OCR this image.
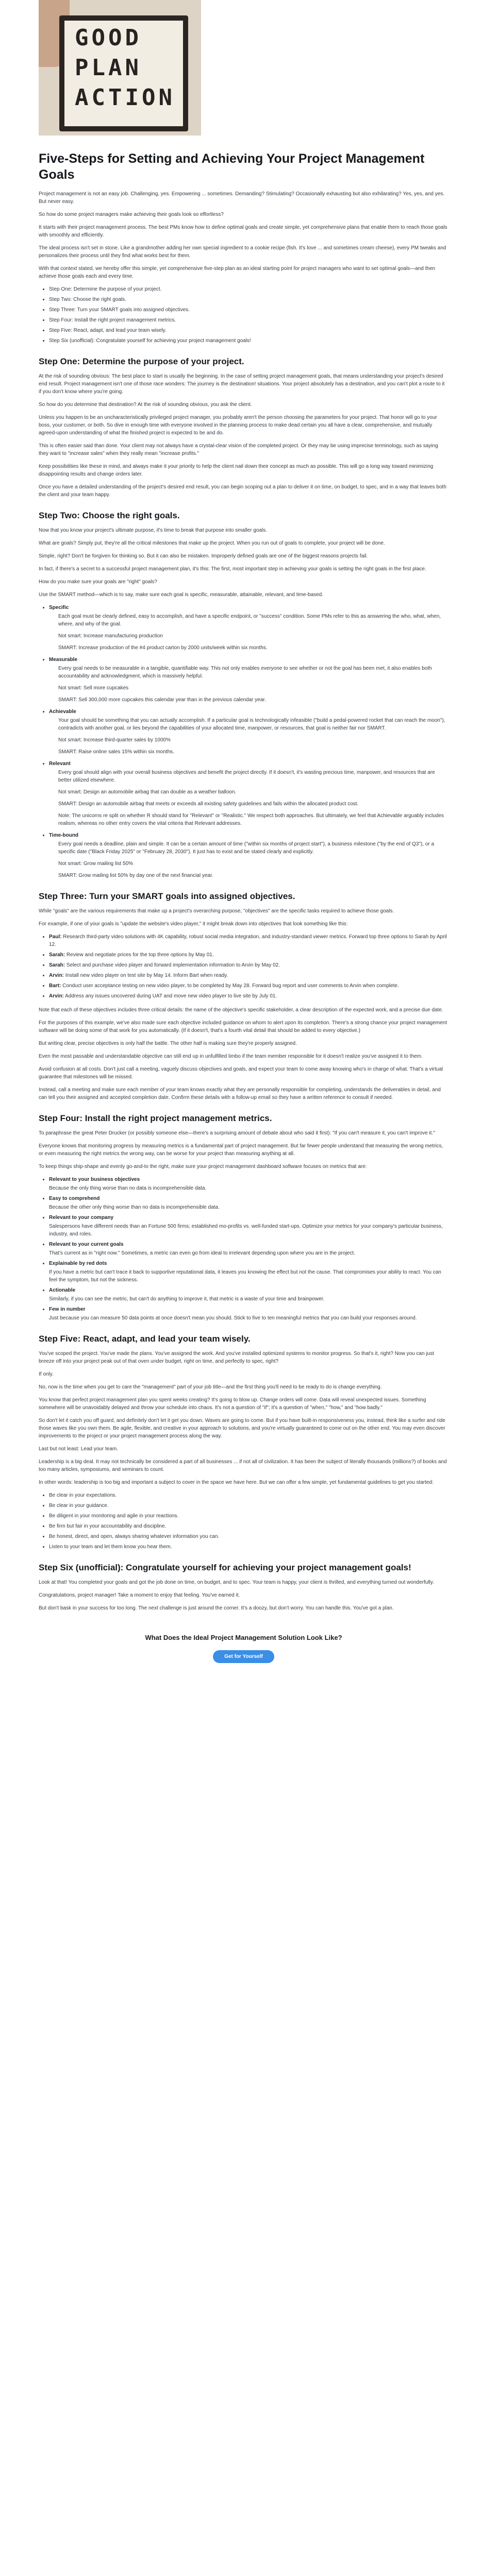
GOOD
PLAN
ACTION
Five-Steps for Setting and Achieving Your Project Management Goals

Project management is not an easy job. Challenging, yes. Empowering ... sometimes. Demanding? Stimulating? Occasionally exhausting but also exhilarating? Yes, yes, and yes. But never easy.

So how do some project managers make achieving their goals look so effortless?

It starts with their project management process. The best PMs know how to define optimal goals and create simple, yet comprehensive plans that enable them to reach those goals with smoothly and efficiently.

The ideal process isn't set in stone. Like a grandmother adding her own special ingredient to a cookie recipe (fish. It's love ... and sometimes cream cheese), every PM tweaks and personalizes their process until they find what works best for them.

With that context stated, we hereby offer this simple, yet comprehensive five-step plan as an ideal starting point for project managers who want to set optimal goals—and then achieve those goals each and every time.

• Step One: Determine the purpose of your project.
• Step Two: Choose the right goals.
• Step Three: Turn your SMART goals into assigned objectives.
• Step Four: Install the right project management metrics.
• Step Five: React, adapt, and lead your team wisely.
• Step Six (unofficial): Congratulate yourself for achieving your project management goals!
Step One: Determine the purpose of your project.

At the risk of sounding obvious: The best place to start is usually the beginning. In the case of setting project management goals, that means understanding your project's desired end result. Project management isn't one of those race wonders: The journey is the destination! situations. Your project absolutely has a destination, and you can't plot a route to it if you don't know where you're going.

So how do you determine that destination? At the risk of sounding obvious, you ask the client.

Unless you happen to be an uncharacteristically privileged project manager, you probably aren't the person choosing the parameters for your project. That honor will go to your boss, your customer, or both. So dive in enough time with everyone involved in the planning process to make dead certain you all have a clear, comprehensive, and mutually agreed-upon understanding of what the finished project is expected to be and do.

This is often easier said than done. Your client may not always have a crystal-clear vision of the completed project. Or they may be using imprecise terminology, such as saying they want to "increase sales" when they really mean "increase profits."

Keep possibilities like these in mind, and always make it your priority to help the client nail down their concept as much as possible. This will go a long way toward minimizing disappointing results and change orders later.

Once you have a detailed understanding of the project's desired end result, you can begin scoping out a plan to deliver it on time, on budget, to spec, and in a way that leaves both the client and your team happy.

Step Two: Choose the right goals.

Now that you know your project's ultimate purpose, it's time to break that purpose into smaller goals.

What are goals? Simply put, they're all the critical milestones that make up the project. When you run out of goals to complete, your project will be done.

Simple, right? Don't be forgiven for thinking so. But it can also be mistaken. Improperly defined goals are one of the biggest reasons projects fail.

In fact, if there's a secret to a successful project management plan, it's this: The first, most important step in achieving your goals is setting the right goals in the first place.

How do you make sure your goals are "right" goals?

Use the SMART method—which is to say, make sure each goal is specific, measurable, attainable, relevant, and time-based.

• Specific

Each goal must be clearly defined, easy to accomplish, and have a specific endpoint, or "success" condition. Some PMs refer to this as answering the who, what, when, where, and why of the goal.

Not smart: Increase manufacturing production

SMART: Increase production of the #4 product carton by 2000 units/week within six months.

• Measurable

Every goal needs to be measurable in a tangible, quantifiable way. This not only enables everyone to see whether or not the goal has been met, it also enables both accountability and acknowledgment, which is massively helpful.

Not smart: Sell more cupcakes

SMART: Sell 300,000 more cupcakes this calendar year than in the previous calendar year.

• Achievable

Your goal should be something that you can actually accomplish. If a particular goal is technologically infeasible ("build a pedal-powered rocket that can reach the moon"), contradicts with another goal, or lies beyond the capabilities of your allocated time, manpower, or resources, that goal is neither fair nor SMART.

Not smart: Increase third-quarter sales by 1000%

SMART: Raise online sales 15% within six months.

• Relevant

Every goal should align with your overall business objectives and benefit the project directly. If it doesn't, it's wasting precious time, manpower, and resources that are better utilized elsewhere.

Not smart: Design an automobile airbag that can double as a weather balloon.

SMART: Design an automobile airbag that meets or exceeds all existing safety guidelines and fails within the allocated product cost.

Note: The unicorns re split on whether R should stand for "Relevant" or "Realistic." We respect both approaches. But ultimately, we feel that Achievable arguably includes realism, whereas no other entry covers the vital criteria that Relevant addresses.

• Time-bound

Every goal needs a deadline, plain and simple. It can be a certain amount of time ("within six months of project start"), a business milestone ("by the end of Q3"), or a specific date ("Black Friday 2025" or "February 28, 2030"). It just has to exist and be stated clearly and explicitly.

Not smart: Grow mailing list 50%

SMART: Grow mailing list 50% by day one of the next financial year.

Step Three: Turn your SMART goals into assigned objectives.

While "goals" are the various requirements that make up a project's overarching purpose, "objectives" are the specific tasks required to achieve those goals.

For example, if one of your goals is "update the website's video player," it might break down into objectives that look something like this:

• Paul: Research third-party video solutions with 4K capability, robust social media integration, and industry-standard viewer metrics. Forward top three options to Sarah by April 12.
• Sarah: Review and negotiate prices for the top three options by May 01.
• Sarah: Select and purchase video player and forward implementation information to Arvin by May 02.
• Arvin: Install new video player on test site by May 14. Inform Bart when ready.
• Bart: Conduct user acceptance testing on new video player, to be completed by May 28. Forward bug report and user comments to Arvin when complete.
• Arvin: Address any issues uncovered during UAT and move new video player to live site by July 01.

Note that each of these objectives includes three critical details: the name of the objective's specific stakeholder, a clear description of the expected work, and a precise due date.

For the purposes of this example, we've also made sure each objective included guidance on whom to alert upon its completion. There's a strong chance your project management software will be doing some of that work for you automatically. (If it doesn't, that's a fourth vital detail that should be added to every objective.)

But writing clear, precise objectives is only half the battle. The other half is making sure they're properly assigned.

Even the most passable and understandable objective can still end up in unfulfilled limbo if the team member responsible for it doesn't realize you've assigned it to them.

Avoid confusion at all costs. Don't just call a meeting, vaguely discuss objectives and goals, and expect your team to come away knowing who's in charge of what. That's a virtual guarantee that milestones will be missed.

Instead, call a meeting and make sure each member of your team knows exactly what they are personally responsible for completing, understands the deliverables in detail, and can tell you their assigned and accepted completion date. Confirm these details with a follow-up email so they have a written reference to consult if needed.

Step Four: Install the right project management metrics.

To paraphrase the great Peter Drucker (or possibly someone else—there's a surprising amount of debate about who said it first): "If you can't measure it, you can't improve it."

Everyone knows that monitoring progress by measuring metrics is a fundamental part of project management. But far fewer people understand that measuring the wrong metrics, or even measuring the right metrics the wrong way, can be worse for your project than measuring anything at all.

To keep things ship-shape and evenly go-and-to the right, make sure your project management dashboard software focuses on metrics that are:

• Relevant to your business objectives
Because the only thing worse than no data is incomprehensible data.
• Easy to comprehend
Because the other only thing worse than no data is incomprehensible data.
• Relevant to your company
Salespersons have different needs than an Fortune 500 firms; established mo-profits vs. well-funded start-ups. Optimize your metrics for your company's particular business, industry, and roles.
• Relevant to your current goals
That's current as in "right now." Sometimes, a metric can even go from ideal to irrelevant depending upon where you are in the project.
• Explainable by red dots
If you have a metric but can't trace it back to supportive reputational data, it leaves you knowing the effect but not the cause. That compromises your ability to react. You can feel the symptom, but not the sickness.
• Actionable
Similarly, if you can see the metric, but can't do anything to improve it, that metric is a waste of your time and brainpower.
• Few in number
Just because you can measure 50 data points at once doesn't mean you should. Stick to five to ten meaningful metrics that you can build your responses around.
Step Five: React, adapt, and lead your team wisely.

You've scoped the project. You've made the plans. You've assigned the work. And you've installed optimized systems to monitor progress. So that's it, right? Now you can just breeze off into your project peak out of that oven under budget, right on time, and perfectly to spec, right?

If only.

No, now is the time when you get to care the "management" part of your job title—and the first thing you'll need to be ready to do is change everything.

You know that perfect project management plan you spent weeks creating? It's going to blow up. Change orders will come. Data will reveal unexpected issues. Something somewhere will be unavoidably delayed and throw your schedule into chaos. It's not a question of "if"; it's a question of "when," "how," and "how badly."

So don't let it catch you off guard, and definitely don't let it get you down. Waves are going to come. But if you have built-in responsiveness you, instead, think like a surfer and ride those waves like you own them. Be agile, flexible, and creative in your approach to solutions, and you're virtually guaranteed to come out on the other end. You may even discover improvements to the project or your project management process along the way.

Last but not least: Lead your team.

Leadership is a big deal. It may not technically be considered a part of all businesses ... if not all of civilization. It has been the subject of literally thousands (millions?) of books and too many articles, symposiums, and seminars to count.

In other words: leadership is too big and important a subject to cover in the space we have here. But we can offer a few simple, yet fundamental guidelines to get you started:

• Be clear in your expectations.
• Be clear in your guidance.
• Be diligent in your monitoring and agile in your reactions.
• Be firm but fair in your accountability and discipline.
• Be honest, direct, and open, always sharing whatever information you can.
• Listen to your team and let them know you hear them.
Step Six (unofficial): Congratulate yourself for achieving your project management goals!

Look at that! You completed your goals and got the job done on time, on budget, and to spec. Your team is happy, your client is thrilled, and everything turned out wonderfully.

Congratulations, project manager! Take a moment to enjoy that feeling. You've earned it.

But don't bask in your success for too long. The next challenge is just around the corner. It's a doozy, but don't worry. You can handle this. You've got a plan.

What Does the Ideal Project Management Solution Look Like?
Get for Yourself
